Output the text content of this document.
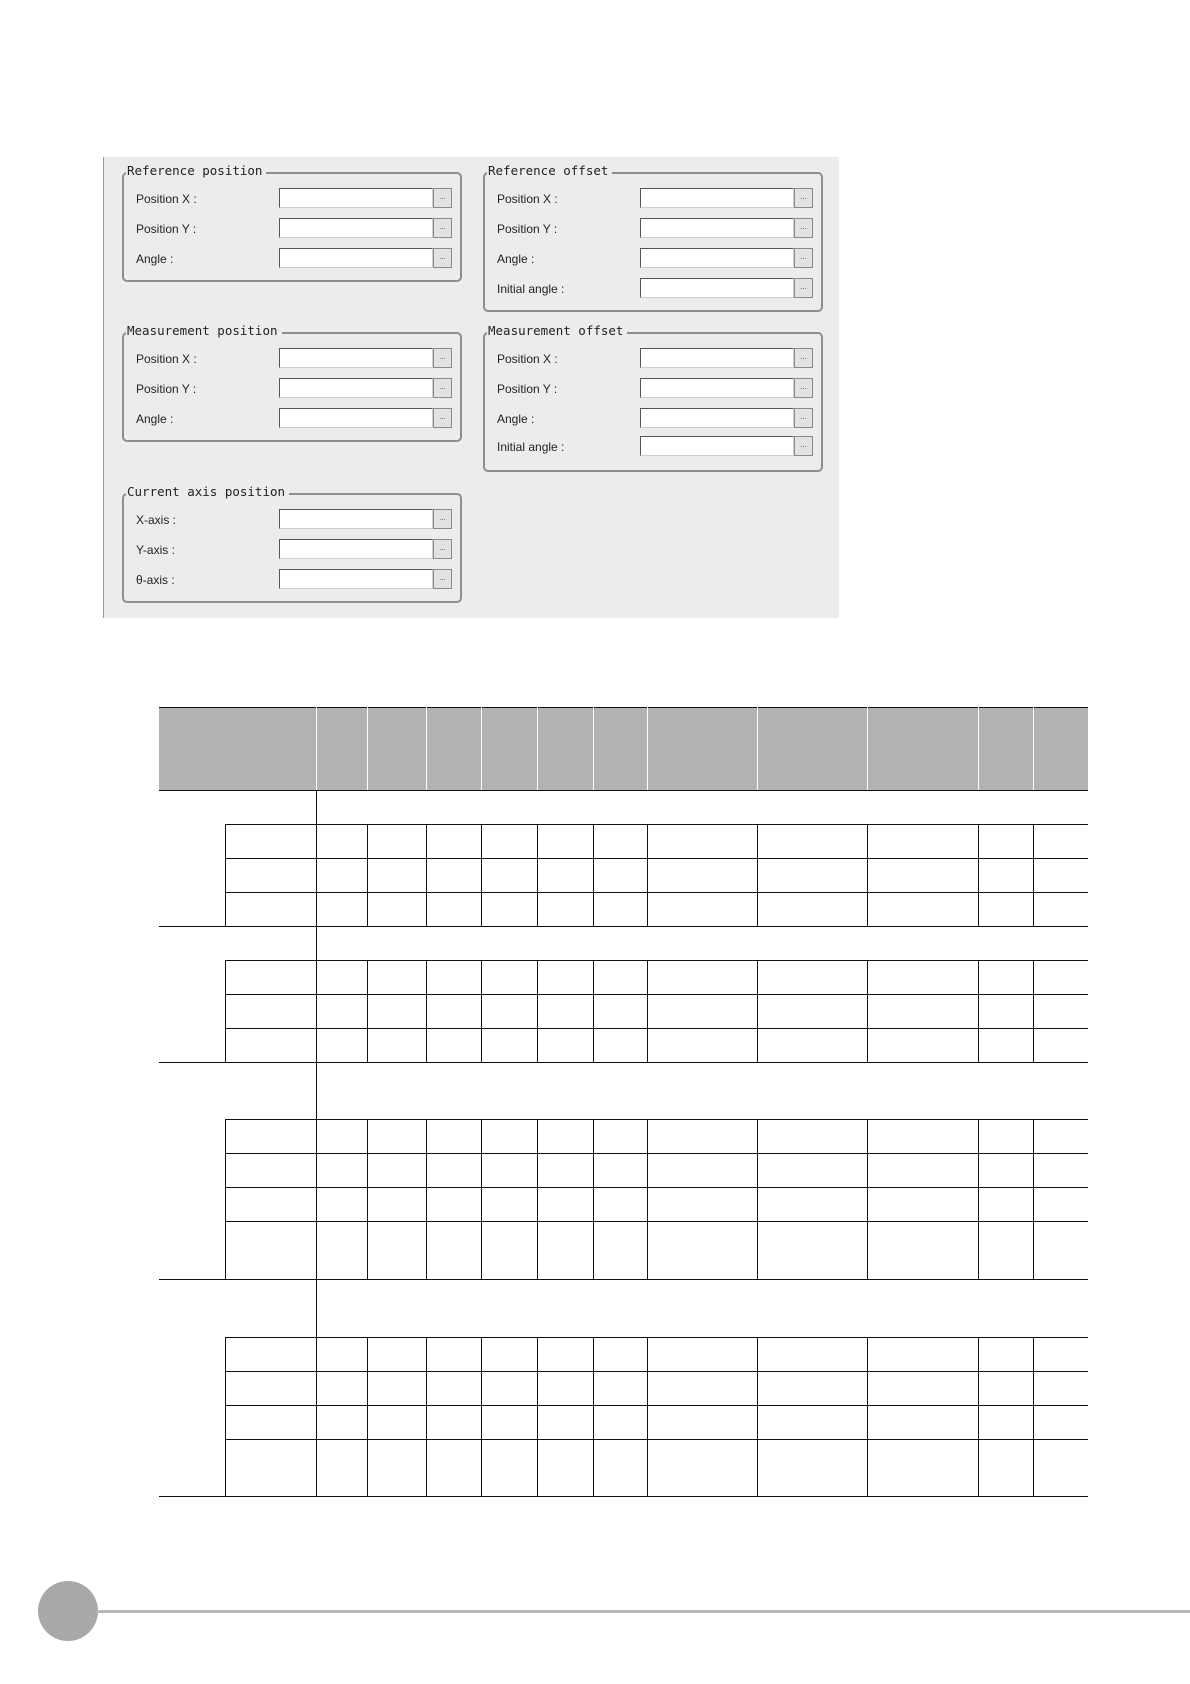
Reference position
Position X :	...
Position Y :	...
Angle :	...
Reference offset
Position X :	...
Position Y :	...
Angle :	...
Initial angle :	...
Measurement position
Position X :	...
Position Y :	...
Angle :	...
Measurement offset
Position X :	...
Position Y :	...
Angle :	...
Initial angle :	...
Current axis position
X-axis :	...
Y-axis :	...
θ-axis :	...
